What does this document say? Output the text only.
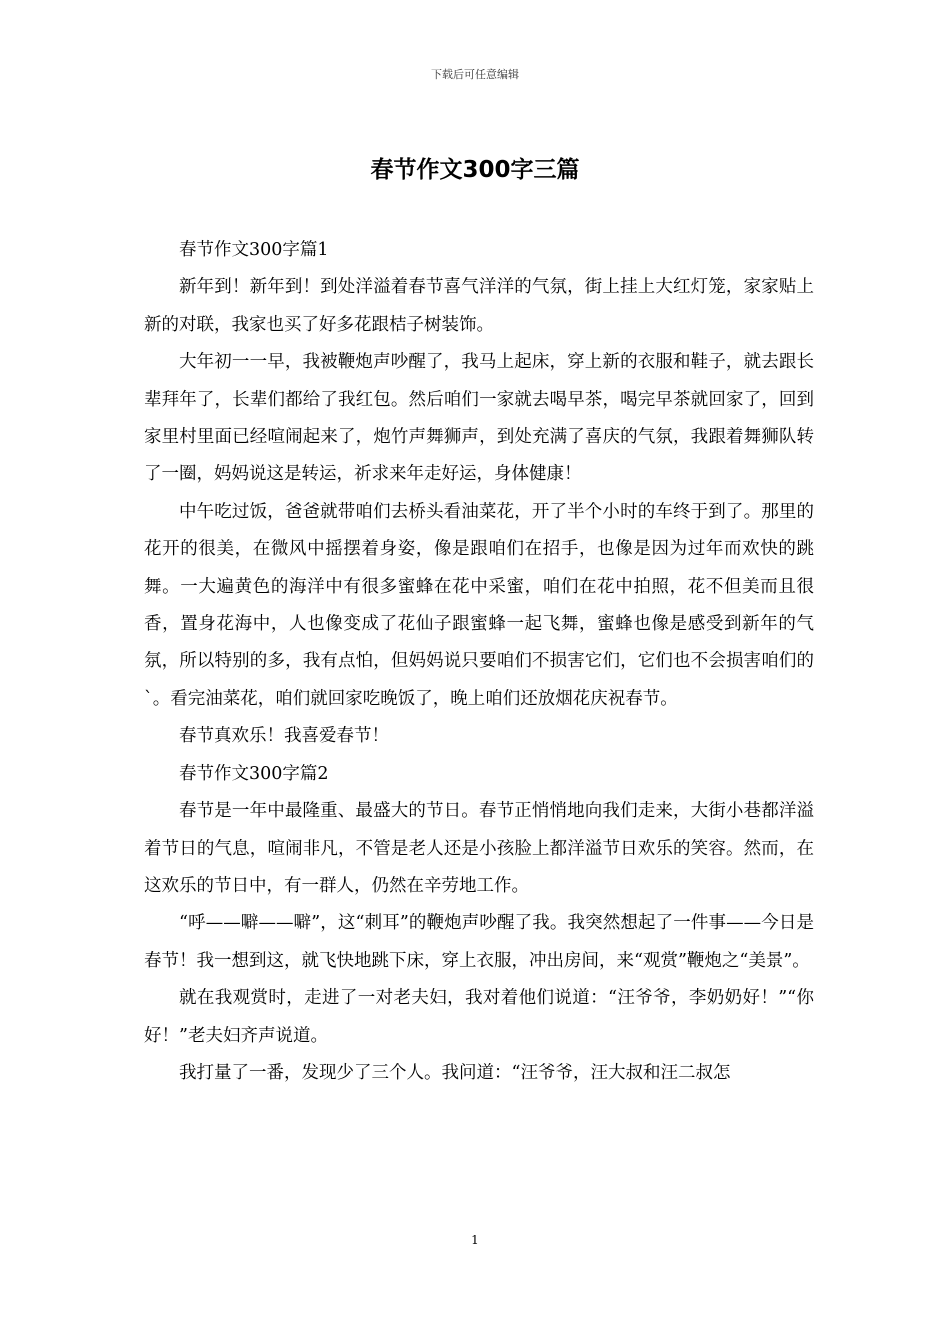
下载后可任意编辑
春节作文300字三篇

春节作文300字篇1

新年到！新年到！到处洋溢着春节喜气洋洋的气氛，街上挂上大红灯笼，家家贴上新的对联，我家也买了好多花跟桔子树装饰。

大年初一一早，我被鞭炮声吵醒了，我马上起床，穿上新的衣服和鞋子，就去跟长辈拜年了，长辈们都给了我红包。然后咱们一家就去喝早茶，喝完早茶就回家了，回到家里村里面已经喧闹起来了，炮竹声舞狮声，到处充满了喜庆的气氛，我跟着舞狮队转了一圈，妈妈说这是转运，祈求来年走好运，身体健康！

中午吃过饭，爸爸就带咱们去桥头看油菜花，开了半个小时的车终于到了。那里的花开的很美，在微风中摇摆着身姿，像是跟咱们在招手，也像是因为过年而欢快的跳舞。一大遍黄色的海洋中有很多蜜蜂在花中采蜜，咱们在花中拍照，花不但美而且很香，置身花海中，人也像变成了花仙子跟蜜蜂一起飞舞，蜜蜂也像是感受到新年的气氛，所以特别的多，我有点怕，但妈妈说只要咱们不损害它们，它们也不会损害咱们的`。看完油菜花，咱们就回家吃晚饭了，晚上咱们还放烟花庆祝春节。

春节真欢乐！我喜爱春节！

春节作文300字篇2

春节是一年中最隆重、最盛大的节日。春节正悄悄地向我们走来，大街小巷都洋溢着节日的气息，喧闹非凡，不管是老人还是小孩脸上都洋溢节日欢乐的笑容。然而，在这欢乐的节日中，有一群人，仍然在辛劳地工作。

“呼——噼——噼”，这“刺耳”的鞭炮声吵醒了我。我突然想起了一件事——今日是春节！我一想到这，就飞快地跳下床，穿上衣服，冲出房间，来“观赏”鞭炮之“美景”。

就在我观赏时，走进了一对老夫妇，我对着他们说道：“汪爷爷，李奶奶好！”“你好！”老夫妇齐声说道。

我打量了一番，发现少了三个人。我问道：“汪爷爷，汪大叔和汪二叔怎

1
